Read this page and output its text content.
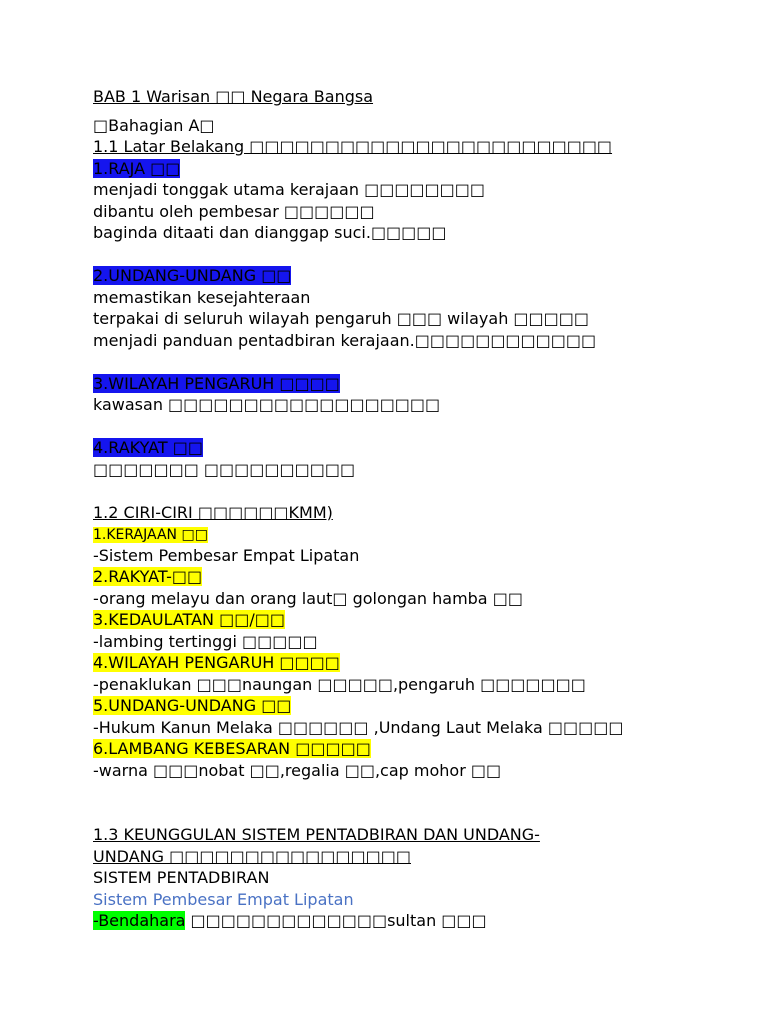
BAB 1 Warisan □□ Negara Bangsa
□Bahagian A□
1.1 Latar Belakang □□□□□□□□□□□□□□□□□□□□□□□□
1.RAJA □□
menjadi tonggak utama kerajaan □□□□□□□□
dibantu oleh pembesar □□□□□□
baginda ditaati dan dianggap suci.□□□□□
2.UNDANG-UNDANG □□
memastikan kesejahteraan
terpakai di seluruh wilayah pengaruh □□□ wilayah □□□□□
menjadi panduan pentadbiran kerajaan.□□□□□□□□□□□□
3.WILAYAH PENGARUH □□□□
kawasan □□□□□□□□□□□□□□□□□□
4.RAKYAT □□
□□□□□□□ □□□□□□□□□□
1.2 CIRI-CIRI □□□□□□KMM)
1.KERAJAAN □□
-Sistem Pembesar Empat Lipatan
2.RAKYAT-□□
-orang melayu dan orang laut□ golongan hamba □□
3.KEDAULATAN □□/□□
-lambing tertinggi □□□□□
4.WILAYAH PENGARUH □□□□
-penaklukan □□□naungan □□□□□,pengaruh □□□□□□□
5.UNDANG-UNDANG □□
-Hukum Kanun Melaka □□□□□□ ,Undang Laut Melaka □□□□□
6.LAMBANG KEBESARAN □□□□□
-warna □□□nobat □□,regalia □□,cap mohor □□
1.3 KEUNGGULAN SISTEM PENTADBIRAN DAN UNDANG-
UNDANG □□□□□□□□□□□□□□□□
SISTEM PENTADBIRAN
Sistem Pembesar Empat Lipatan
-Bendahara □□□□□□□□□□□□□sultan □□□
